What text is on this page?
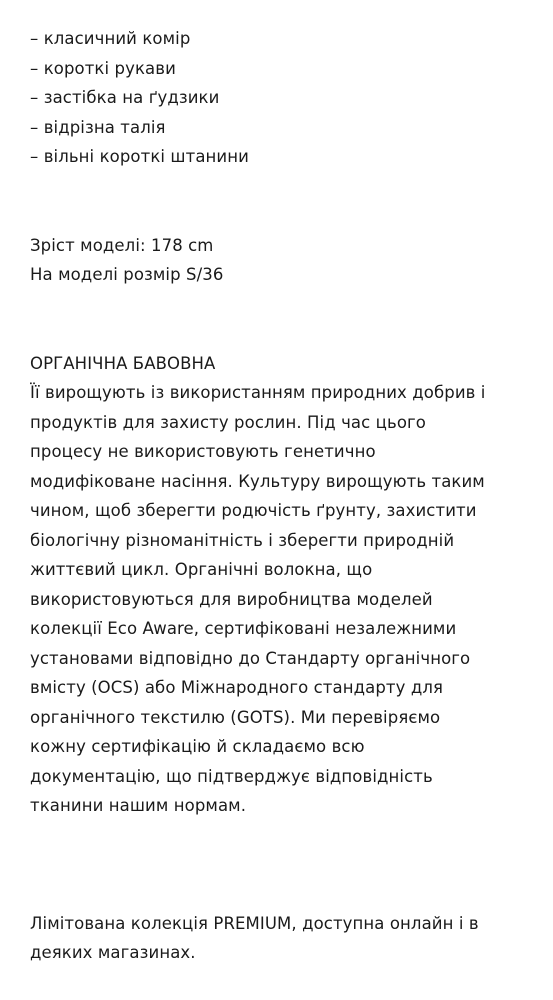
– класичний комір
– короткі рукави
– застібка на ґудзики
– відрізна талія
– вільні короткі штанини
Зріст моделі: 178 cm
На моделі розмір S/36
ОРГАНІЧНА БАВОВНА
Її вирощують із використанням природних добрив і
продуктів для захисту рослин. Під час цього
процесу не використовують генетично
модифіковане насіння. Культуру вирощують таким
чином, щоб зберегти родючість ґрунту, захистити
біологічну різноманітність і зберегти природній
життєвий цикл. Органічні волокна, що
використовуються для виробництва моделей
колекції Eco Aware, сертифіковані незалежними
установами відповідно до Стандарту органічного
вмісту (OCS) або Міжнародного стандарту для
органічного текстилю (GOTS). Ми перевіряємо
кожну сертифікацію й складаємо всю
документацію, що підтверджує відповідність
тканини нашим нормам.
Лімітована колекція PREMIUM, доступна онлайн і в
деяких магазинах.
